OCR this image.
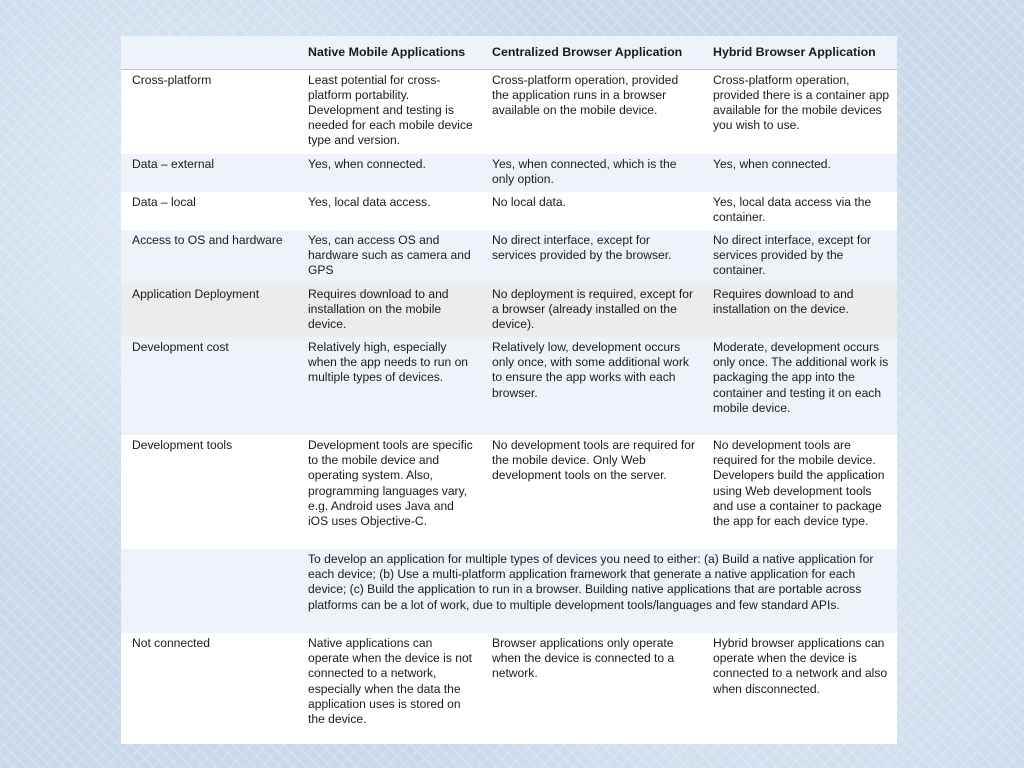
	Native Mobile Applications	Centralized Browser Application	Hybrid Browser Application
Cross-platform	Least potential for cross-platform portability. Development and testing is needed for each mobile device type and version.	Cross-platform operation, provided the application runs in a browser available on the mobile device.	Cross-platform operation, provided there is a container app available for the mobile devices you wish to use.
Data – external	Yes, when connected.	Yes, when connected, which is the only option.	Yes, when connected.
Data – local	Yes, local data access.	No local data.	Yes, local data access via the container.
Access to OS and hardware	Yes, can access OS and hardware such as camera and GPS	No direct interface, except for services provided by the browser.	No direct interface, except for services provided by the container.
Application Deployment	Requires download to and installation on the mobile device.	No deployment is required, except for a browser (already installed on the device).	Requires download to and installation on the device.
Development cost	Relatively high, especially when the app needs to run on multiple types of devices.	Relatively low, development occurs only once, with some additional work to ensure the app works with each browser.	Moderate, development occurs only once. The additional work is packaging the app into the container and testing it on each mobile device.
Development tools	Development tools are specific to the mobile device and operating system. Also, programming languages vary, e.g. Android uses Java and iOS uses Objective-C.	No development tools are required for the mobile device. Only Web development tools on the server.	No development tools are required for the mobile device. Developers build the application using Web development tools and use a container to package the app for each device type.
	To develop an application for multiple types of devices you need to either: (a) Build a native application for each device; (b) Use a multi-platform application framework that generate a native application for each device; (c) Build the application to run in a browser. Building native applications that are portable across platforms can be a lot of work, due to multiple development tools/languages and few standard APIs.		
Not connected	Native applications can operate when the device is not connected to a network, especially when the data the application uses is stored on the device.	Browser applications only operate when the device is connected to a network.	Hybrid browser applications can operate when the device is connected to a network and also when disconnected.
